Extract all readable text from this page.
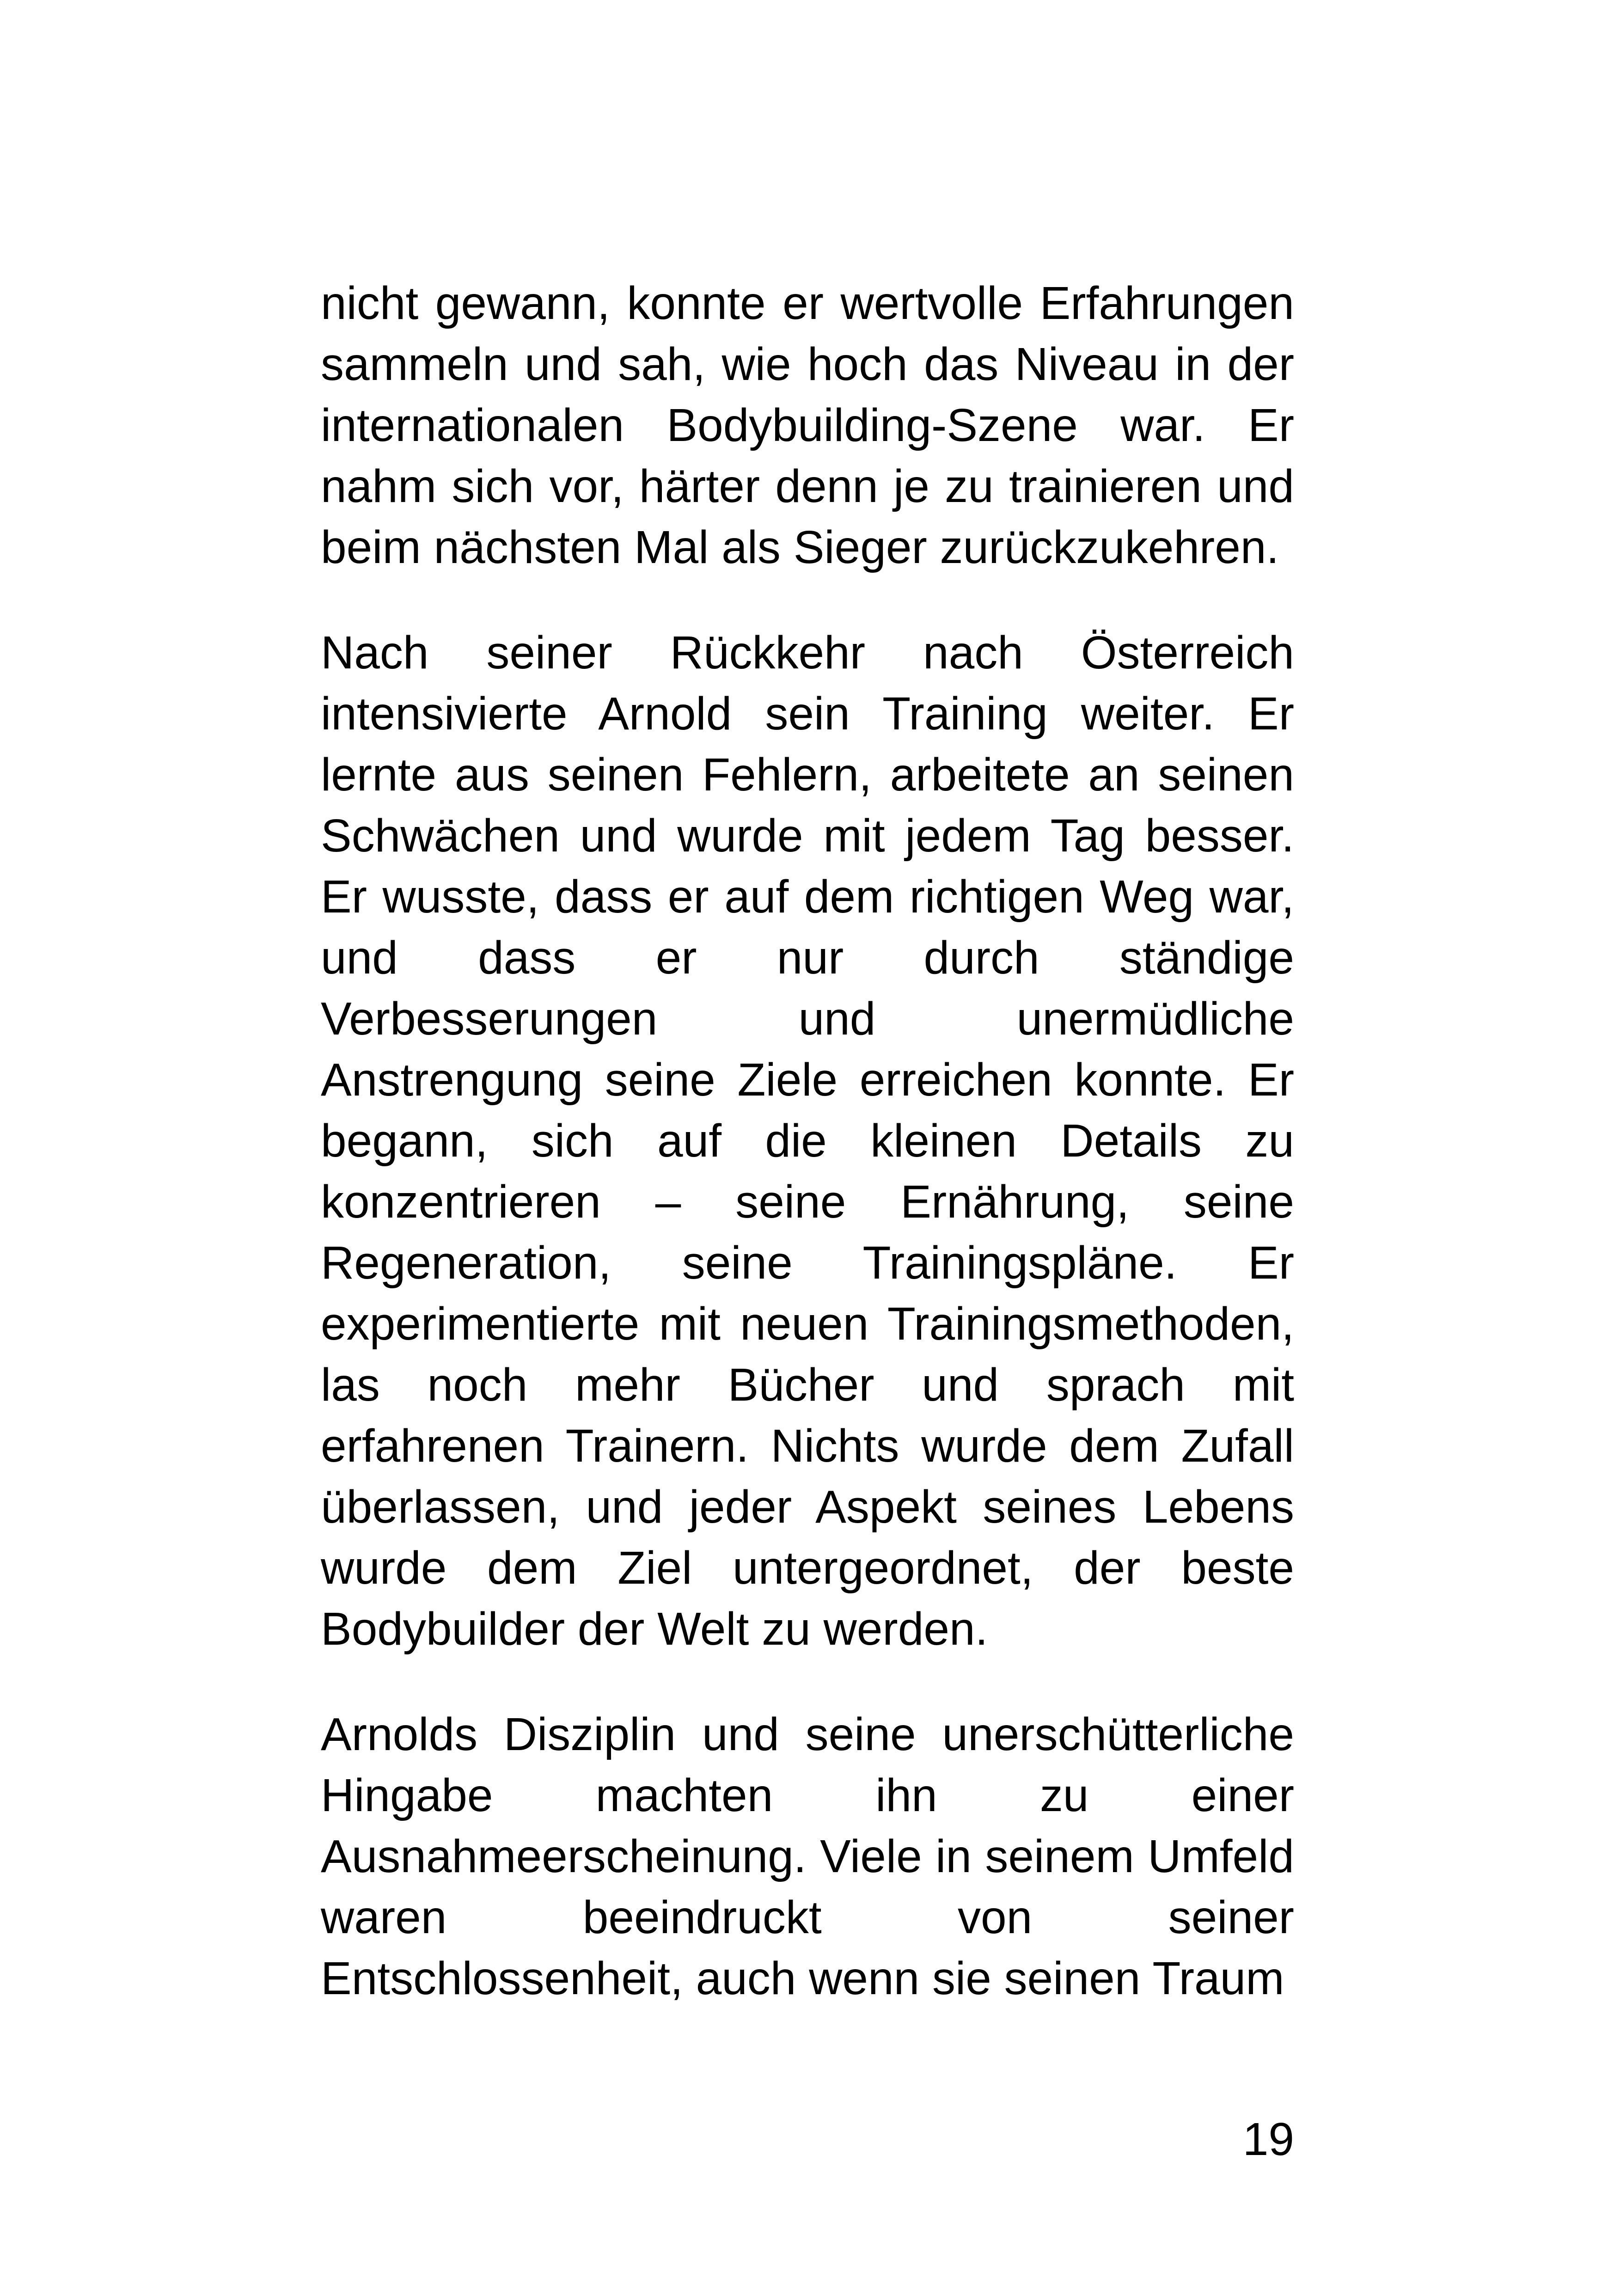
nicht gewann, konnte er wertvolle Erfahrungen sammeln und sah, wie hoch das Niveau in der internationalen Bodybuilding-Szene war. Er nahm sich vor, härter denn je zu trainieren und beim nächsten Mal als Sieger zurückzukehren.

Nach seiner Rückkehr nach Österreich intensivierte Arnold sein Training weiter. Er lernte aus seinen Fehlern, arbeitete an seinen Schwächen und wurde mit jedem Tag besser. Er wusste, dass er auf dem richtigen Weg war, und dass er nur durch ständige Verbesserungen und unermüdliche Anstrengung seine Ziele erreichen konnte. Er begann, sich auf die kleinen Details zu konzentrieren – seine Ernährung, seine Regeneration, seine Trainingspläne. Er experimentierte mit neuen Trainingsmethoden, las noch mehr Bücher und sprach mit erfahrenen Trainern. Nichts wurde dem Zufall überlassen, und jeder Aspekt seines Lebens wurde dem Ziel untergeordnet, der beste Bodybuilder der Welt zu werden.

Arnolds Disziplin und seine unerschütterliche Hingabe machten ihn zu einer Ausnahmeerscheinung. Viele in seinem Umfeld waren beeindruckt von seiner Entschlossenheit, auch wenn sie seinen Traum

19
